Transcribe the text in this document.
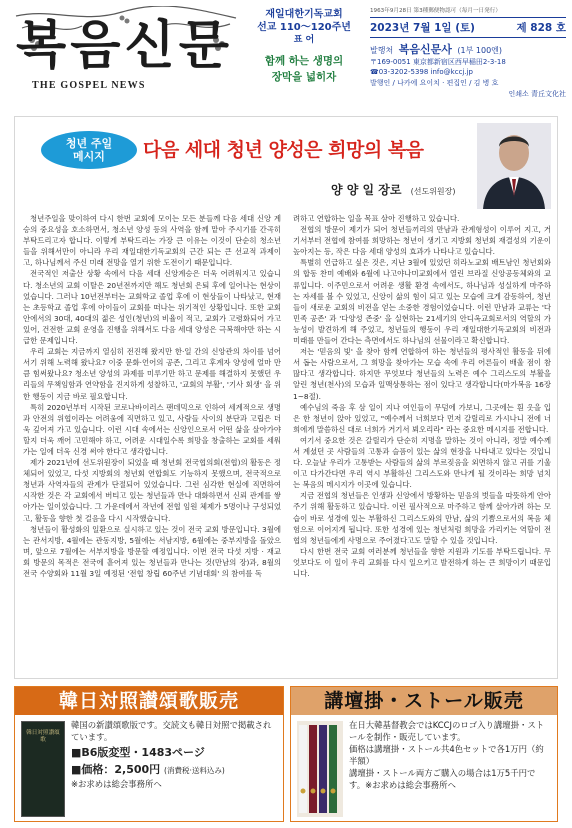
복음신문
THE GOSPEL NEWS
재일대한기독교회
선교 110〜120주년
표 어
함께 하는 생명의
장막을 넓히자
1963年9月28日 第3種郵便物認可（毎月一日発行）
2023년 7월 1일 (토)	제 828 호
발행처 복음신문사 (1부 100엔)
〒169-0051 東京都新宿区西早稲田2-3-18
☎03-3202-5398 info@kccj.jp
발행인 / 나카에 요이치 · 편집인 / 김 병 호
인쇄소 青丘文化社
청년 주일
메시지	다음 세대 청년 양성은 희망의 복음
양 양 일 장로 (선도위원장)

청년주일을 맞이하여 다시 한번 교회에 모이는 모든 분들께 다음 세대 신앙 계승의 중요성을 호소하면서, 청소년 양성 등의 사역을 함께 맡아 주시기를 간곡히 부탁드리고자 합니다. 이렇게 부탁드리는 가장 큰 이유는 이것이 단순히 청소년들을 위해서만이 아니라 우리 재일대한기독교회의 근간 되는 큰 선교적 과제이고, 하나님께서 주신 미래 전망을 열기 위한 도전이기 때문입니다.

전국적인 저출산 상황 속에서 다음 세대 신앙계승은 더욱 어려워지고 있습니다. 청소년의 교회 이탈은 20년전까지만 해도 청년회 은퇴 후에 일어나는 현상이었습니다. 그러나 10년전부터는 교회학교 졸업 후에 이 현상들이 나타났고, 현재는 초등학교 졸업 후에 아이들이 교회를 떠나는 위기적인 상황입니다. 또한 교회 안에서의 30대, 40대의 젊은 성인(청년)의 비율이 적고, 교회가 고령화되어 가고 있어, 건전한 교회 운영을 진행을 위해서도 다음 세대 양성은 극복해야만 하는 시급한 문제입니다.

우리 교회는 지금까지 열심히 전진해 왔지만 한·일 간의 신앙관의 차이를 넘어 서기 위해 노력해 왔나요? 이중 문화·언어의 공존, 그리고 후계자 양성에 얼마 만큼 힘써왔나요? 청소년 양성의 과제를 미루기만 하고 문제를 해결하지 못했던 우리들의 무책임함과 연약함을 진지하게 성찰하고, '교회의 부활', '기사 회생' 을 위한 행동이 지금 바로 필요합니다.

특히 2020년부터 시작된 코로나바이러스 팬데믹으로 인하여 세계적으로 생명과 안전의 위협이라는 어려움에 직면하고 있고, 사람들 사이의 분단과 고립은 더욱 깊어져 가고 있습니다. 이런 시대 속에서는 신앙인으로서 어떤 삶을 살아가야 할지 더욱 깨어 고민해야 하고, 어려운 시대일수록 희망을 창출하는 교회를 세워가는 일에 더욱 신경 써야 한다고 생각합니다.

제가 2021년에 선도위원장이 되었을 때 청년회 전국협의회(전협)의 활동은 정체되어 있었고, 다섯 지방회의 청년회 연합회도 기능하지 못했으며, 전국적으로 청년과 사역자들의 관계가 단절되어 있었습니다. 그런 심각한 현실에 직면하여 시작한 것은 각 교회에서 버티고 있는 청년들과 만나 대화하면서 신뢰 관계를 쌓아가는 일이었습니다. 그 가운데에서 작년에 전협 임원 체제가 5명이나 구성되었고, 활동을 향한 첫 걸음을 다시 시작했습니다.

청년들이 활성화의 일환으로 실시하고 있는 것이 전국 교회 방문입니다. 3월에는 관서지방, 4월에는 관동지방, 5월에는 서남지방, 6월에는 중부지방을 돌았으며, 앞으로 7월에는 서부지방을 방문할 예정입니다. 이번 전국 다섯 지방 · 재교회 방문의 목적은 전국에 흩어져 있는 청년들과 만나는 것(만남의 장)과, 8월의 전국 수양회와 11월 3일 예정된 '전협 창립 60주년 기념대회' 의 참여를 독

려하고 연합하는 일을 목표 삼아 진행하고 있습니다.

전협의 방문이 제기가 되어 청년들끼리의 만남과 관계형성이 이루어 지고, 거기서부터 전협에 참여를 희망하는 청년이 생기고 지방회 청년회 재결성의 기운이 높아지는 등, 작은 다음 세대 양성의 효과가 나타나고 있습니다.

특별히 언급하고 싶은 것은, 지난 3월에 있었던 히라노교회 배트남인 청년회와의 합동 찬미 예배와 6월에 나고야나미교회에서 열린 브라질 신앙공동체와의 교류입니다. 이주민으로서 어려운 생활 환경 속에서도, 하나님과 성실하게 마주하는 자세를 볼 수 있었고, 신앙이 삶의 힘이 되고 있는 모습에 크게 감동하여, 청년들이 새로운 교회의 비전을 얻는 소중한 경험이었습니다. 이런 만남과 교류는 '다민족 공존' 과 '다양성 존중' 을 실현하는 21세기의 안디옥교회로서의 역할의 가능성이 발견하게 해 주었고, 청년들의 행동이 우리 재일대한기독교회의 비전과 미래를 만들어 간다는 측면에서도 하나님의 선물이라고 확신합니다.

저는 '믿음의 빛' 을 찾아 함께 연합하여 하는 청년들의 평사적인 활동을 뒤에서 돕는 사람으로서, 그 희망을 찾아가는 모습 속에 우리 어른들이 배울 점이 참 많다고 생각합니다. 하지만 무엇보다 청년들의 노력은 예수 그리스도의 부활을 알린 청년(천사)의 모습과 일맥상통하는 점이 있다고 생각합니다(마가복음 16장 1~8절).

예수님의 죽음 후 삼 일이 지나 여인들이 무덤에 가보니, 그곳에는 흰 옷을 입은 한 청년이 앉아 있었고, "예수께서 너희보다 먼저 갈릴리로 가시나니 전에 너희에게 말씀하신 대로 너희가 거기서 뵈오리라" 라는 중요한 메시지를 전합니다.

여기서 중요한 것은 갈릴리가 단순히 지명을 말하는 것이 아니라, 정말 예수께서 계셨던 곳 사람들의 고통과 슬픔이 있는 삶의 현장을 나타내고 있다는 것입니다. 오늘날 우리가 고통받는 사람들의 삶의 부르짖음을 외면하지 않고 귀를 기울이고 다가간다면 우리 역시 부활하신 그리스도와 만나게 될 것이라는 희망 넘치는 복음의 메시지가 이곳에 있습니다.

지금 전협의 청년들은 인생과 신앙에서 방황하는 믿음의 벗들을 따뜻하게 안아주기 위해 활동하고 있습니다. 이런 필사적으로 마주하고 함께 살아가려 하는 모습이 바로 성경에 있는 부활하신 그리스도와의 만남, 삶의 기쁨으로서의 복음 체험으로 이어지게 됩니다. 또한 성경에 있는 청년처럼 희망을 가리키는 역할이 전협의 청년들에게 사명으로 주어졌다고도 말할 수 있을 것입니다.

다시 한번 전국 교회 여러분께 청년들을 향한 지원과 기도를 부탁드립니다. 무엇보다도 이 일이 우리 교회를 다시 일으키고 발전하게 하는 큰 희망이기 때문입니다.

韓日対照讃頌歌販売
韓日対照讃頌歌
韓国の新讃頌歌版です。交読文も韓日対照で掲載されています。
■B6版変型・1483ページ
■価格：2,500円 (消費税·送料込み)
※お求めは総会事務所へ
講壇掛・ストール販売
在日大韓基督教会ではKCCJのロゴ入り講壇掛・ストールを制作・販売しています。
価格は講壇掛・ストール共4色セットで各1万円（約半額）
講壇掛・ストール両方ご購入の場合は1万5千円です。※お求めは総会事務所へ
